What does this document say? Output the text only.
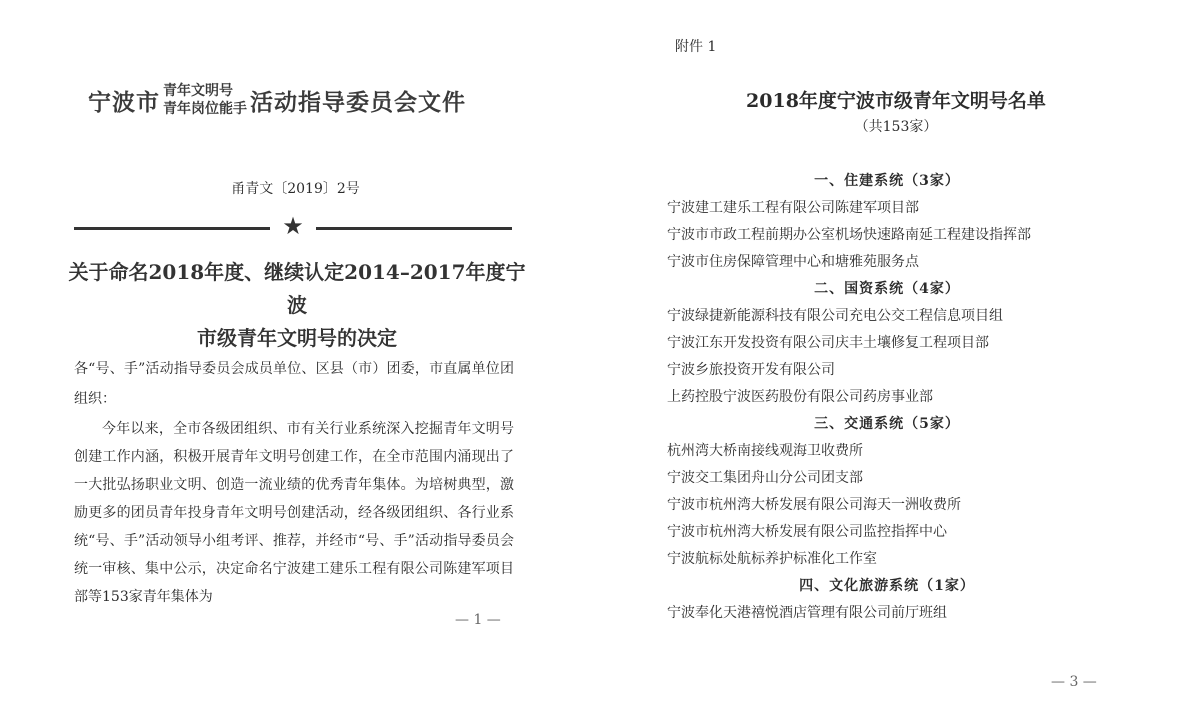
宁波市 青年文明号
青年岗位能手 活动指导委员会文件
甬青文〔2019〕2号
★
关于命名2018年度、继续认定2014–2017年度宁波
市级青年文明号的决定
各“号、手”活动指导委员会成员单位、区县（市）团委，市直属单位团组织：
今年以来，全市各级团组织、市有关行业系统深入挖掘青年文明号创建工作内涵，积极开展青年文明号创建工作，在全市范围内涌现出了一大批弘扬职业文明、创造一流业绩的优秀青年集体。为培树典型，激励更多的团员青年投身青年文明号创建活动，经各级团组织、各行业系统“号、手”活动领导小组考评、推荐，并经市“号、手”活动指导委员会统一审核、集中公示，决定命名宁波建工建乐工程有限公司陈建军项目部等153家青年集体为
— 1 —
附件 1
2018年度宁波市级青年文明号名单
（共153家）
一、住建系统（3家）
宁波建工建乐工程有限公司陈建军项目部
宁波市市政工程前期办公室机场快速路南延工程建设指挥部
宁波市住房保障管理中心和塘雅苑服务点
二、国资系统（4家）
宁波绿捷新能源科技有限公司充电公交工程信息项目组
宁波江东开发投资有限公司庆丰土壤修复工程项目部
宁波乡旅投资开发有限公司
上药控股宁波医药股份有限公司药房事业部
三、交通系统（5家）
杭州湾大桥南接线观海卫收费所
宁波交工集团舟山分公司团支部
宁波市杭州湾大桥发展有限公司海天一洲收费所
宁波市杭州湾大桥发展有限公司监控指挥中心
宁波航标处航标养护标准化工作室
四、文化旅游系统（1家）
宁波奉化天港禧悦酒店管理有限公司前厅班组
— 3 —
